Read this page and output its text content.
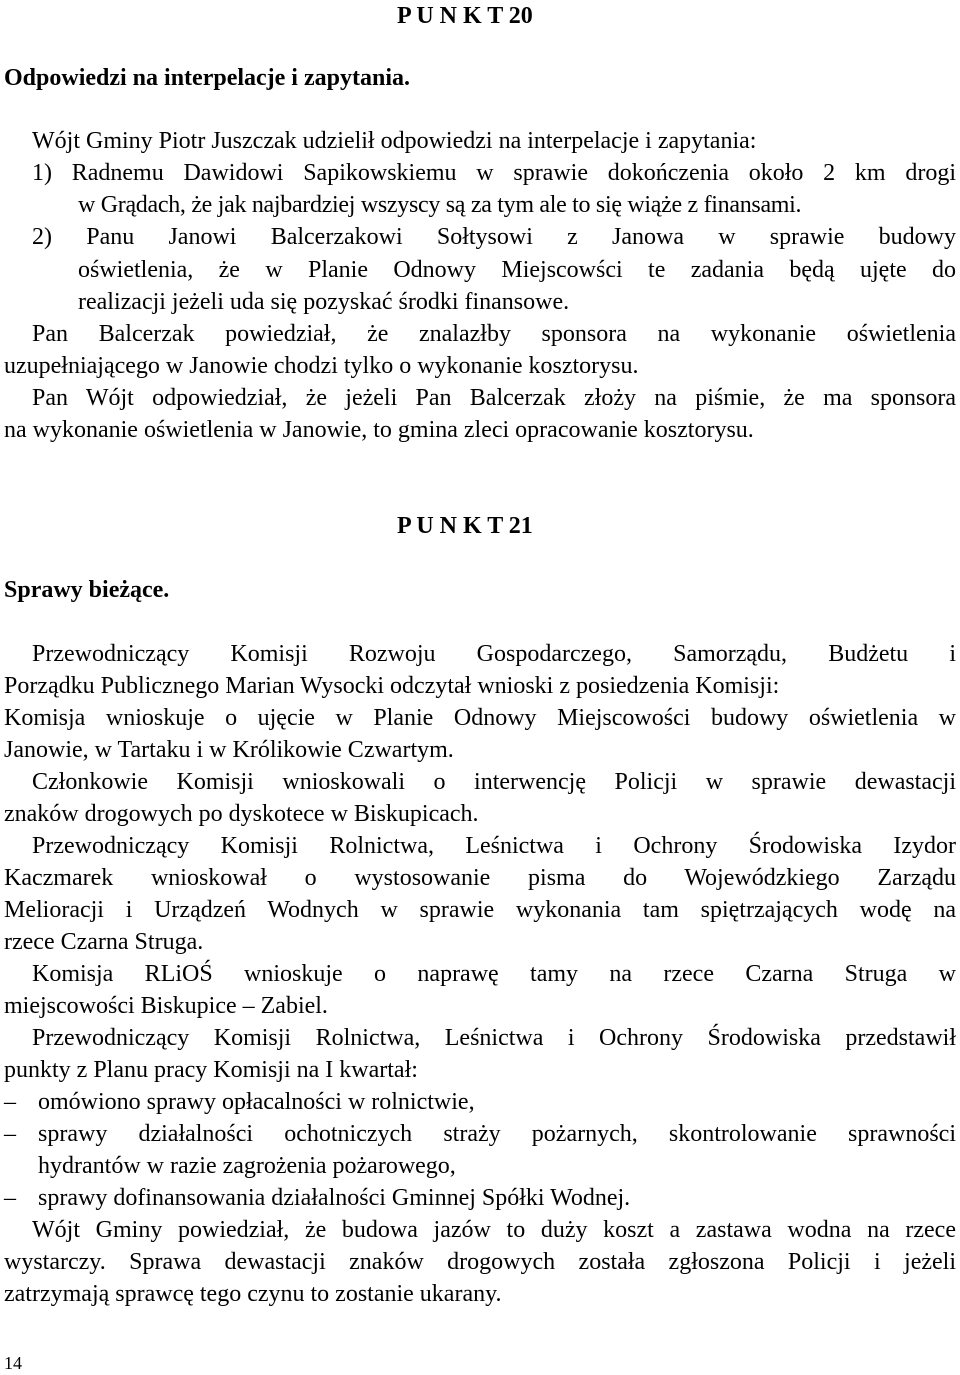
P U N K T 20
Odpowiedzi na interpelacje i zapytania.
Wójt Gminy Piotr Juszczak udzielił odpowiedzi na interpelacje i zapytania:
1) Radnemu Dawidowi Sapikowskiemu w sprawie dokończenia około 2 km drogi
w Grądach, że jak najbardziej wszyscy są za tym ale to się wiąże z finansami.
2) Panu Janowi Balcerzakowi Sołtysowi z Janowa w sprawie budowy
oświetlenia, że w Planie Odnowy Miejscowści te zadania będą ujęte do
realizacji jeżeli uda się pozyskać środki finansowe.
Pan Balcerzak powiedział, że znalazłby sponsora na wykonanie oświetlenia
uzupełniającego w Janowie chodzi tylko o wykonanie kosztorysu.
Pan Wójt odpowiedział, że jeżeli Pan Balcerzak złoży na piśmie, że ma sponsora
na wykonanie oświetlenia w Janowie, to gmina zleci opracowanie kosztorysu.
P U N K T 21
Sprawy bieżące.
Przewodniczący Komisji Rozwoju Gospodarczego, Samorządu, Budżetu i
Porządku Publicznego Marian Wysocki odczytał wnioski z posiedzenia Komisji:
Komisja wnioskuje o ujęcie w Planie Odnowy Miejscowości budowy oświetlenia w
Janowie, w Tartaku i w Królikowie Czwartym.
Członkowie Komisji wnioskowali o interwencję Policji w sprawie dewastacji
znaków drogowych po dyskotece w Biskupicach.
Przewodniczący Komisji Rolnictwa, Leśnictwa i Ochrony Środowiska Izydor
Kaczmarek wnioskował o wystosowanie pisma do Wojewódzkiego Zarządu
Melioracji i Urządzeń Wodnych w sprawie wykonania tam spiętrzających wodę na
rzece Czarna Struga.
Komisja RLiOŚ wnioskuje o naprawę tamy na rzece Czarna Struga w
miejscowości Biskupice – Zabiel.
Przewodniczący Komisji Rolnictwa, Leśnictwa i Ochrony Środowiska przedstawił
punkty z Planu pracy Komisji na I kwartał:
– omówiono sprawy opłacalności w rolnictwie,
– sprawy działalności ochotniczych straży pożarnych, skontrolowanie sprawności
hydrantów w razie zagrożenia pożarowego,
– sprawy dofinansowania działalności Gminnej Spółki Wodnej.
Wójt Gminy powiedział, że budowa jazów to duży koszt a zastawa wodna na rzece
wystarczy. Sprawa dewastacji znaków drogowych została zgłoszona Policji i jeżeli
zatrzymają sprawcę tego czynu to zostanie ukarany.
14
